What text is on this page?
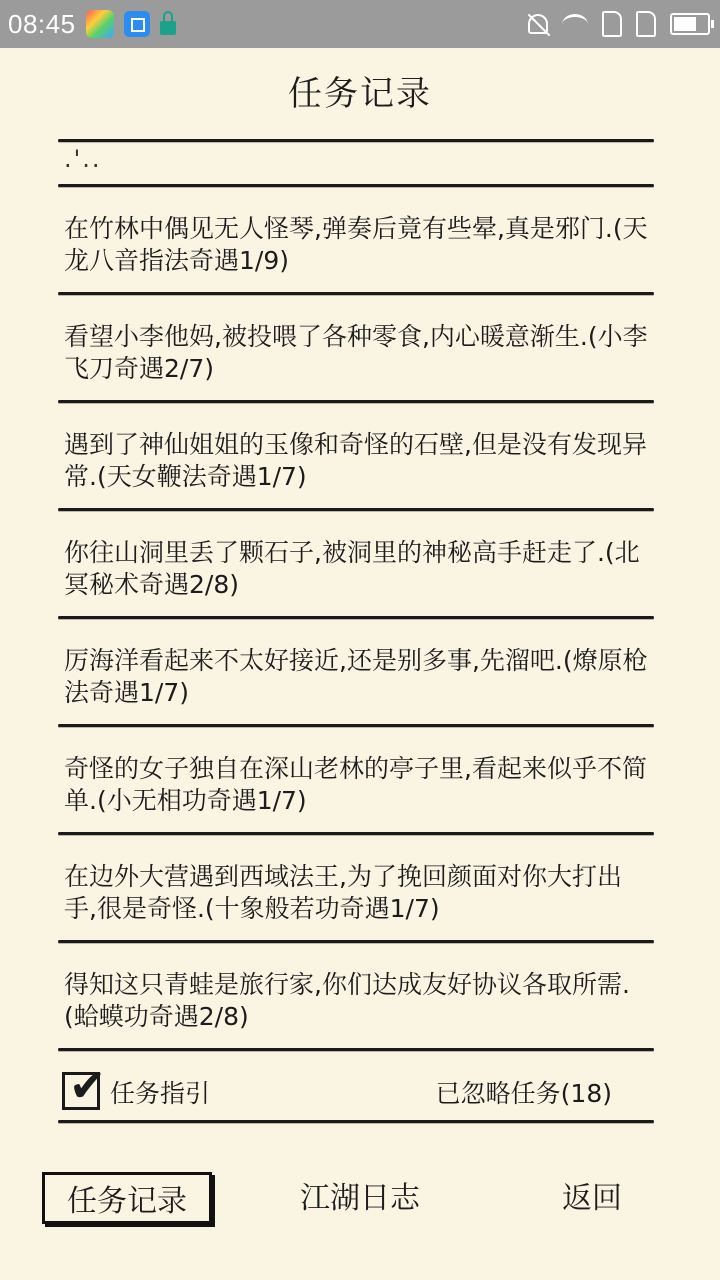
08:45
任务记录
.'..
在竹林中偶见无人怪琴,弹奏后竟有些晕,真是邪门.(天龙八音指法奇遇1/9)
看望小李他妈,被投喂了各种零食,内心暖意渐生.(小李飞刀奇遇2/7)
遇到了神仙姐姐的玉像和奇怪的石壁,但是没有发现异常.(天女鞭法奇遇1/7)
你往山洞里丢了颗石子,被洞里的神秘高手赶走了.(北冥秘术奇遇2/8)
厉海洋看起来不太好接近,还是别多事,先溜吧.(燎原枪法奇遇1/7)
奇怪的女子独自在深山老林的亭子里,看起来似乎不简单.(小无相功奇遇1/7)
在边外大营遇到西域法王,为了挽回颜面对你大打出手,很是奇怪.(十象般若功奇遇1/7)
得知这只青蛙是旅行家,你们达成友好协议各取所需.(蛤蟆功奇遇2/8)
✔ 任务指引	已忽略任务(18)
任务记录	江湖日志	返回
